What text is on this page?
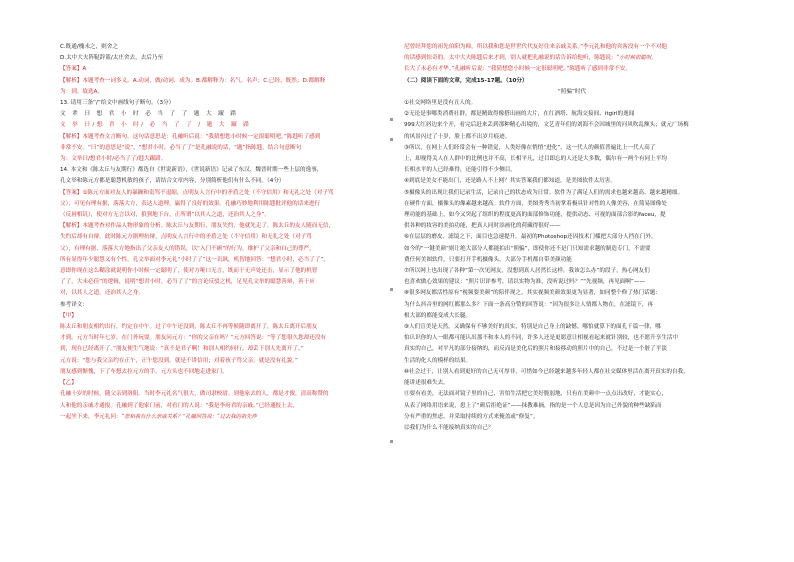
C.既通/槐未之，则舍之
D.太中大夫阵鞑辞篮/太庄舍去，去后乃至
【答案】A
【解析】本题考查一词多义。A.动词，做/动词，成为。B.都解释为：名气、名声；C.已经，既然；D.都解释
为：到。故选A。
13. 请用三条“/”给文中画线句子断句。（3分）
文 辈 曰 想 君 小 时 必 当 了 了 题 大 踧 踖
文 举 曰/想 君 小 时/ 必 当 了 了 / 题 大 踧 踖
【解析】本题考查文言断句。这句话意思是：孔融听后说：“我猜想您小时候一定很聪明吧。”陈韪听了感到
非常不安。“曰”的意思是“说”，“想君小时，必当了了”是孔融说的话，“题”指陈韪，结合句意断句
为：文举曰/想君小时/必当了了/韪大踧踖。
14. 本文和《陈太丘与友期行》都选自《世说新语》，《世说新语》记录了东汉、魏晋时期一些上层的逸事，
孔文举和陈元方都是聪慧机敏的孩子，请结合文章内容，分别简析他们有什么不同。（4分）
【答案】①陈元方面对友人的暴躁和责骂不退缩，点明友人言行中的矛盾之处（不守信用）和无礼之处（对子骂
父），可见有理有据，落落大方，表达人道理，赢得了良好的效果。孔融巧妙地利用陈韪批评他的话来进行
（反唇相讥），使对方无言以对，狼狈地下台，正所谓“以其人之道，还治其人之身”。
【解析】本题考查对作品人物形象的分析。陈太丘与友期行，朋友失约，他就先走了，陈太丘的友人随而无信，
失约后却有自辩，此时陈元方据理抗辩，点明友人言行中的矛盾之处（不守信用）和无礼之处（对子骂
父），有理有据、落落大方地指出了父亲友人的错误，以“入门不顾”的行为，维护了父亲和自己的尊严，
所有显得年少聪慧又有个性。孔文举面对李元礼“小时了了”这一讥讽，机智地回答：“想君小时，必当了了”，
意即你现在这么糊涂就说明你小时候一定聪明了，使对方哑口无言，既而于无声处还击，显示了他的机智
了了，大未必佳”的逻辑，说明“想君小时，必当了了”的言论反驳之机，足见孔文举的聪慧善辩，善于应
对，以其人之道，还治其人之身。
参考译文：
【甲】
陈太丘和朋友相约出行，约定在中午。过了中午还没到，陈太丘不再等候随即离开了，陈太丘离开后朋友
才到。元方当时年七岁，在门外玩耍。朋友问元方：“你的父亲在吗？”元方回答说：“等了您很久您却还没有
到，现在已经离开了。”朋友便生气地说：“真不是君子啊！和别人相约同行，却丢下别人先离开了。”
元方说：“您与我父亲约在正午，正午您没到，就是不讲信用；对着孩子骂父亲，就是没有礼貌。”
朋友感到惭愧，下了车想去拉元方的手，元方头也不回地走进家门。
【乙】
孔融十岁的时候，随父亲到洛阳。当时李元礼名气很大，做司隶校尉。到他家去的人，都是才俊，清高称赞的
人和他的亲戚才通报。孔融到了他家门前，对看门的人说：“我是李府君的亲戚。”已经通报上去，
一起坐下来，李元礼问：“您和我有什么亲戚关系？”孔融回答说：“过去我的祖先仲
尼曾经拜您的祖先伯阳为师，所以我和您是世世代代友好往来亲戚关系。”李元礼和他的宾客没有一个不对他
的话感到惊奇的。太中大夫陈韪后来才到，别人就把孔融说的话告诉给他听，陈韪说：“小时候很聪明，
长大了未必有才华。”孔融听后说：“我猜想您小时候一定很聪明吧。”陈韪听了感到非常不安。
（二）阅读下面的文章，完成15-17题。（10分）
“照骗”时代
①社交网络里是没有丑人的。
②无论是事哪类消费社群，都是精致得像搭出画的大片，在红酒塔、航海交接间、itgirl的逸闻
999大红唇边来个开，看完后赶来丢到那种精心出境的，文艺青年们的刘海不会因城里的河风吹乱额头；就元广场梅
的风景闪过了十岁，脸上都不出岁月痕迹。
③所以，在网上人们经常会有一种错觉，人类好像在悄悄“进化”，这一代人的颜值普遍比上一代人高了
上，却视得关人在人群中的比例也并不高，长相平凡，过目即忘的人还是大多数，偶尔有一两个有同上平均
长相水平的人已经难得，还能引得不少侧目。
④到底是美女不能出门，还是路人不上网？其实答案我们都知道，是美图软件太厉害。
⑤摄像头的出现让我们记录生活，记录自己的状态成为日常。软件为了满足人们的需求也越来越高、越来越精细。
在硬件方面，摄像头的像素越来越高。软件方面，美图秀秀当初掌着极具针对性的人像美容，在简易图像处
理功能的基础上，如今又突起了组织的程度更高的面部修饰功能，提供动态、可视的面部合影的faceu，提
供各种的妆容的美拍功能，把真人同时添画化的荷藏得很好——
⑥在层层的磨皮、滤镜之下，面目也急速提升。最初的Photoshop还因技术门槛把大部分人挡在门外，
如今的“一键美颜”则让绝大部分人都能拍出“照骗”，即使你还不是门只知需求越的制造专门，不需要
费任何美图软件，只要打开手机摄像头，大部分手机都自带美颜功能
⑦所以网上也出现了各种“第一次见网友，没想到真人居然长这样，我该怎么办”的段子，热心网友们
也喜欢做心效果的建议：“照片识评参考，请以实物为准，没听说过吗？”“先视频，再见面啊”——
⑧很多网友都活性原有“视频要美颜”的陪伴现之，其实视频美颜效果更为显著，如同整个修了热门话题：
为什么抖音里的网红都那么多？下面一条高分赞的回答说：“因为很多让人情都人物在，在滤镜下，再
根大部的都能变成大长腿。
⑨人们宣美是天然，又确保有不够美好的真实，特别是自己身上的缺憾。哪怕就算下的面孔千篇一律，哪
怕认识你的人一眼都可能认出那不和本人的不同，许多人还是更愿意让相视看起来就针别较，也不愿升享生活中
真实的自己，对平凡的部分接纳的，而反而是美化后的照片和接移动的照片中的自己，不过是一个脏了平淡
生活的化人的模样的结果。
⑩社会过于，让别人看到更好的自己无可厚非，可惜如今已经越来越多年轻人都在社交媒体里活在离开真实的自我，
能讲述很难失去。
⑪要有看美，无法面对镜子里的自己，害怕生活把它美好脆弱地，只有在美颜中一点点出改好，才能实心，
从表了网络用语来说，患上了“颜后拒绝证”——抹教难摘，指的是一个人总是因为自己外貌的种些缺陷而
分有严重的焦虑，并采取持续的方式来掩盖或“修复”。
⑫我们为什么不能接纳真实的自己？
